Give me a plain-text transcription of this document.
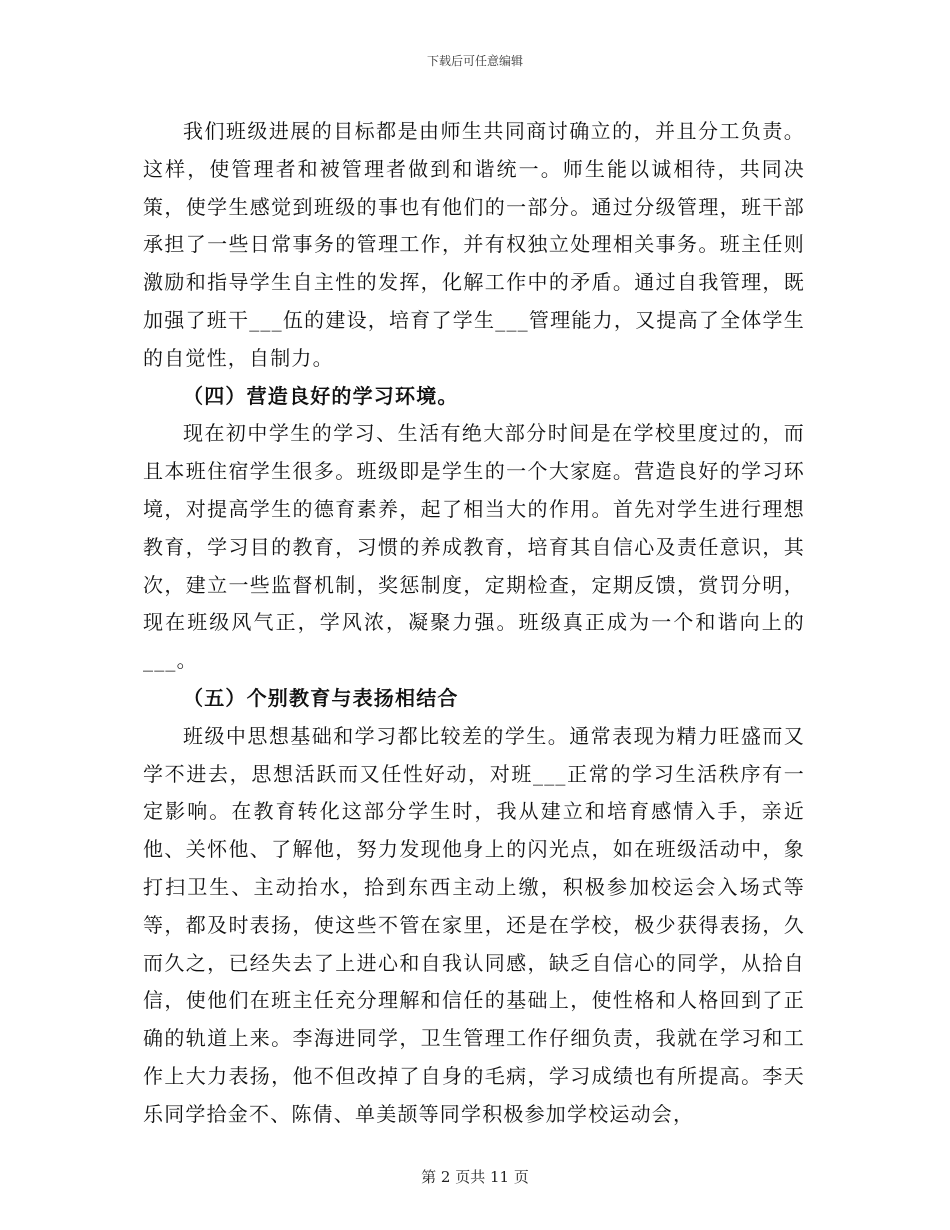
下载后可任意编辑

我们班级进展的目标都是由师生共同商讨确立的，并且分工负责。这样，使管理者和被管理者做到和谐统一。师生能以诚相待，共同决策，使学生感觉到班级的事也有他们的一部分。通过分级管理，班干部承担了一些日常事务的管理工作，并有权独立处理相关事务。班主任则激励和指导学生自主性的发挥，化解工作中的矛盾。通过自我管理，既加强了班干___伍的建设，培育了学生___管理能力，又提高了全体学生的自觉性，自制力。

（四）营造良好的学习环境。

现在初中学生的学习、生活有绝大部分时间是在学校里度过的，而且本班住宿学生很多。班级即是学生的一个大家庭。营造良好的学习环境，对提高学生的德育素养，起了相当大的作用。首先对学生进行理想教育，学习目的教育，习惯的养成教育，培育其自信心及责任意识，其次，建立一些监督机制，奖惩制度，定期检查，定期反馈，赏罚分明，现在班级风气正，学风浓，凝聚力强。班级真正成为一个和谐向上的___。

（五）个别教育与表扬相结合

班级中思想基础和学习都比较差的学生。通常表现为精力旺盛而又学不进去，思想活跃而又任性好动，对班___正常的学习生活秩序有一定影响。在教育转化这部分学生时，我从建立和培育感情入手，亲近他、关怀他、了解他，努力发现他身上的闪光点，如在班级活动中，象打扫卫生、主动抬水，拾到东西主动上缴，积极参加校运会入场式等等，都及时表扬，使这些不管在家里，还是在学校，极少获得表扬，久而久之，已经失去了上进心和自我认同感，缺乏自信心的同学，从拾自信，使他们在班主任充分理解和信任的基础上，使性格和人格回到了正确的轨道上来。李海进同学，卫生管理工作仔细负责，我就在学习和工作上大力表扬，他不但改掉了自身的毛病，学习成绩也有所提高。李天乐同学拾金不、陈倩、单美颉等同学积极参加学校运动会，

第 2 页共 11 页
